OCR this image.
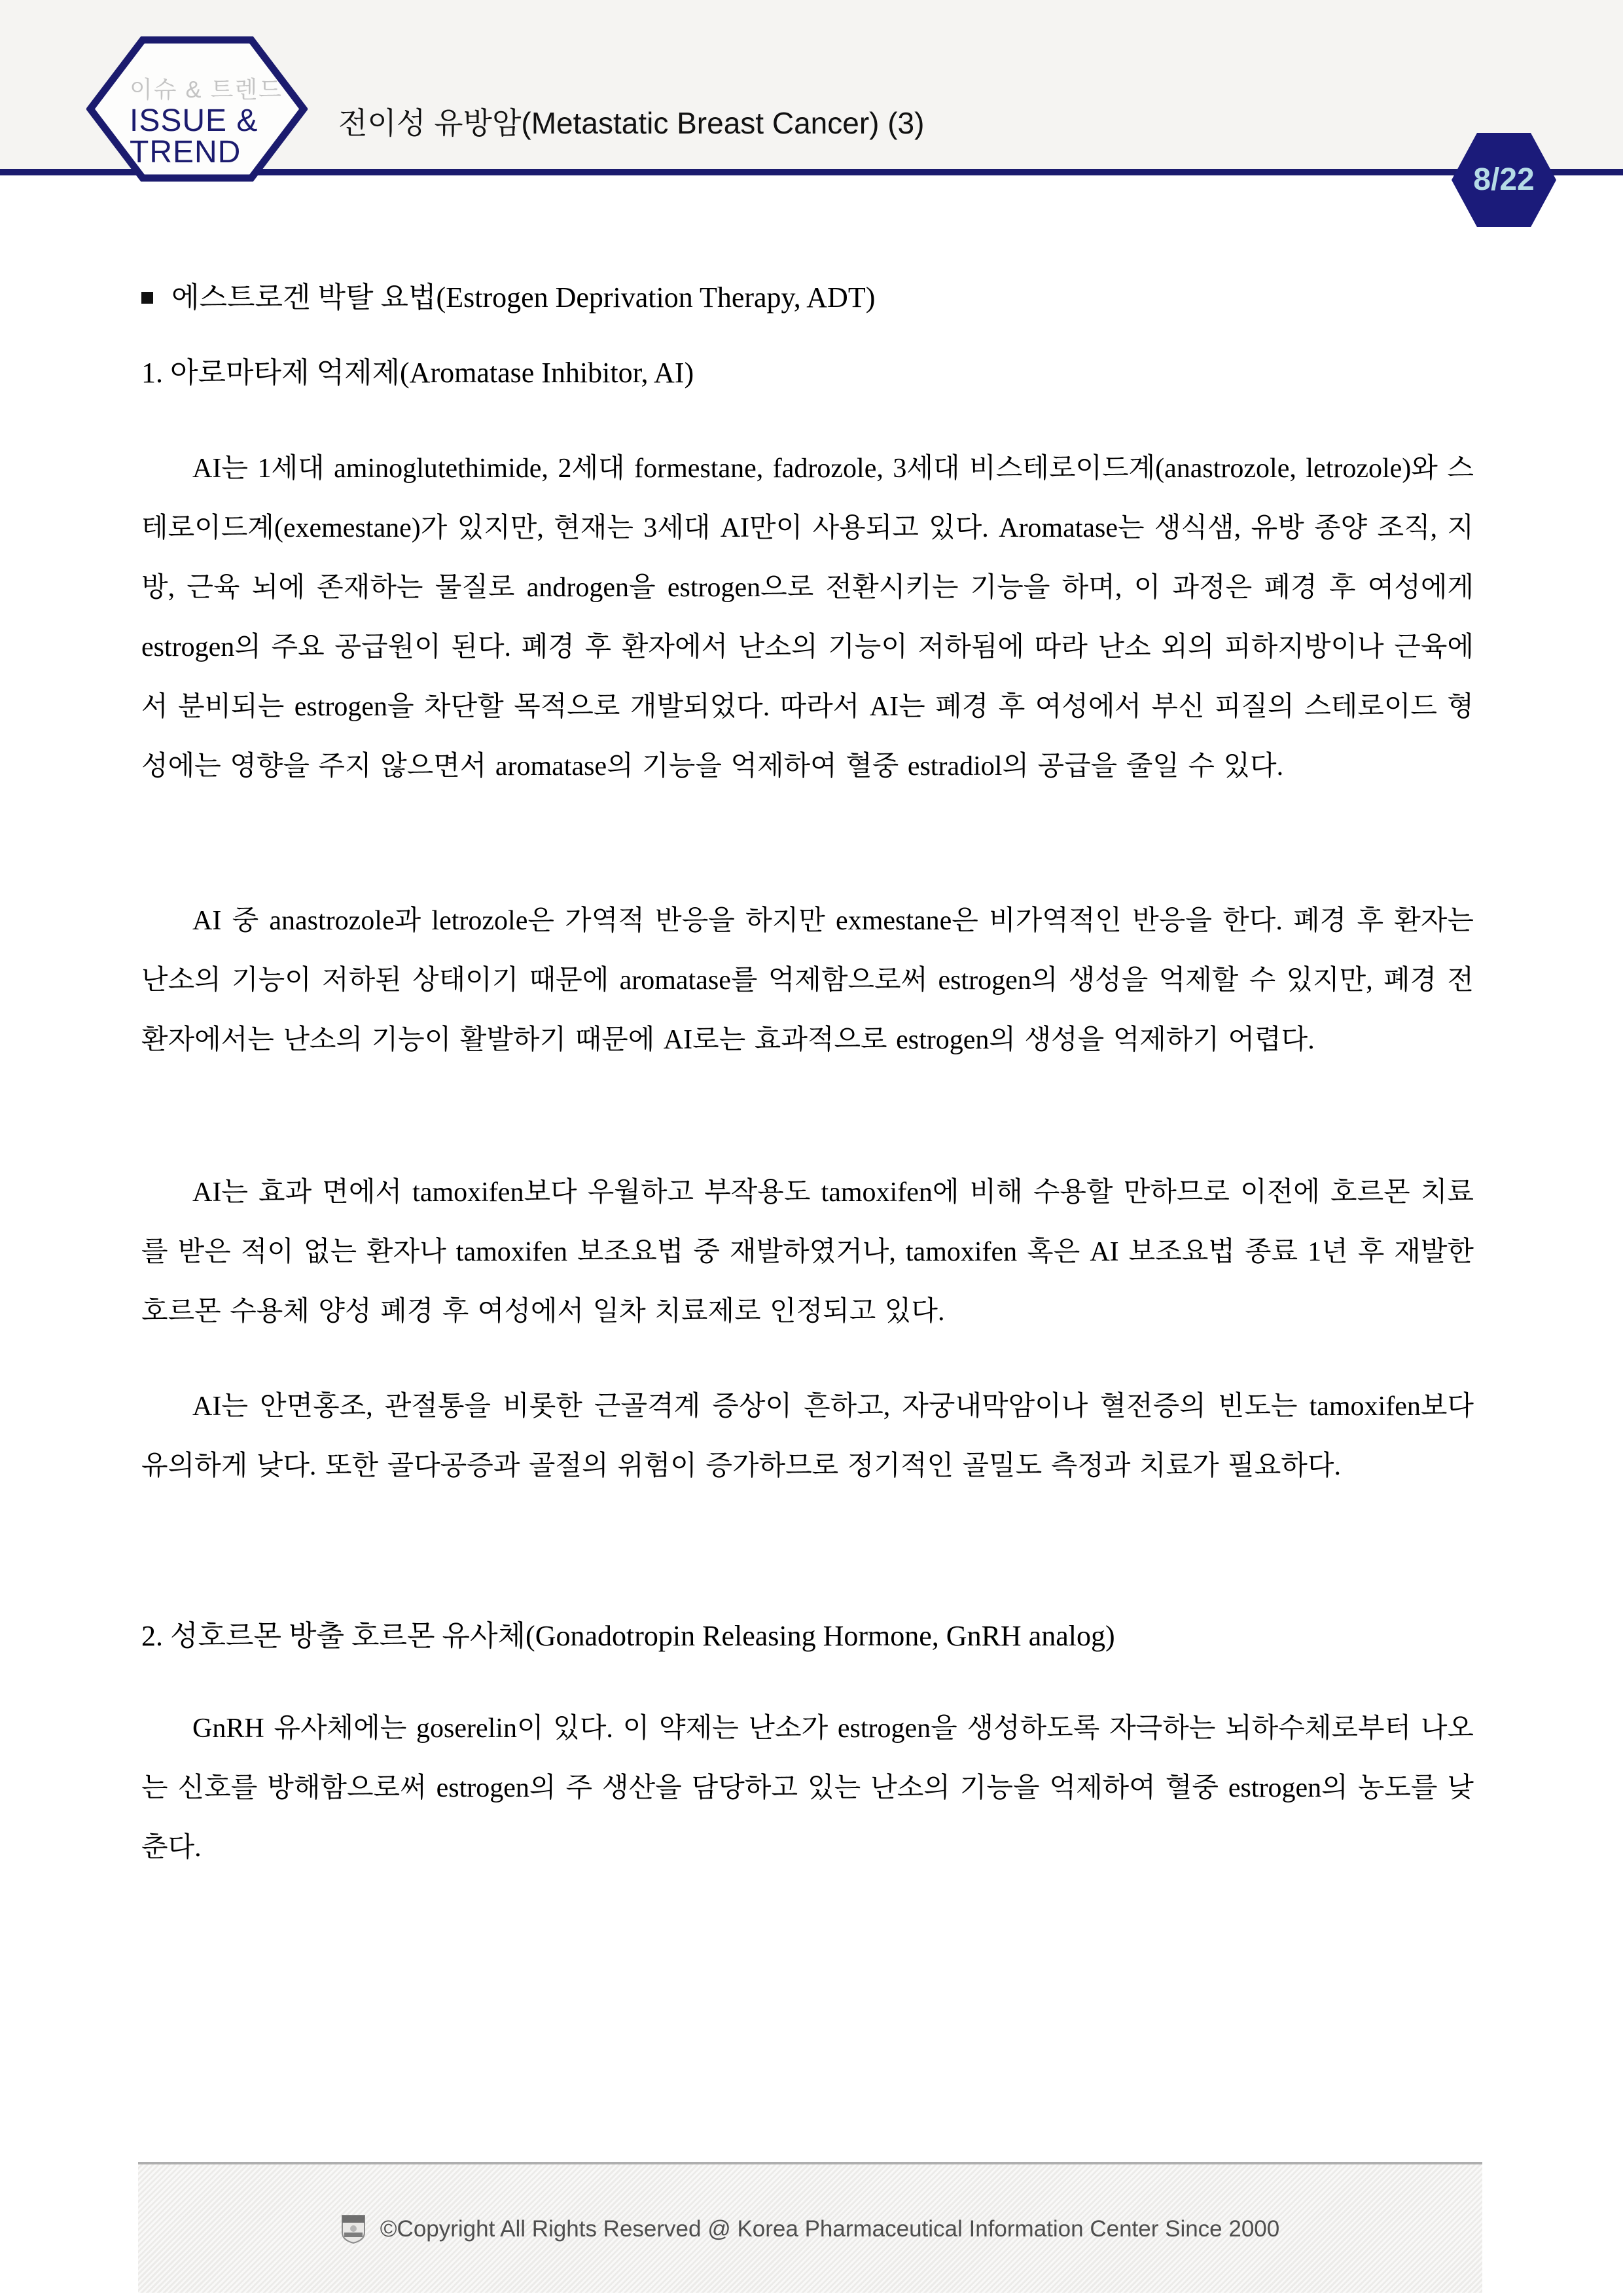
이슈 & 트렌드
ISSUE &
TREND
전이성 유방암(Metastatic Breast Cancer) (3)
8/22
에스트로겐 박탈 요법(Estrogen Deprivation Therapy, ADT)
1. 아로마타제 억제제(Aromatase Inhibitor, AI)

AI는 1세대 aminoglutethimide, 2세대 formestane, fadrozole, 3세대 비스테로이드계(anastrozole, letrozole)와 스테로이드계(exemestane)가 있지만, 현재는 3세대 AI만이 사용되고 있다. Aromatase는 생식샘, 유방 종양 조직, 지방, 근육 뇌에 존재하는 물질로 androgen을 estrogen으로 전환시키는 기능을 하며, 이 과정은 폐경 후 여성에게 estrogen의 주요 공급원이 된다. 폐경 후 환자에서 난소의 기능이 저하됨에 따라 난소 외의 피하지방이나 근육에서 분비되는 estrogen을 차단할 목적으로 개발되었다. 따라서 AI는 폐경 후 여성에서 부신 피질의 스테로이드 형성에는 영향을 주지 않으면서 aromatase의 기능을 억제하여 혈중 estradiol의 공급을 줄일 수 있다.

AI 중 anastrozole과 letrozole은 가역적 반응을 하지만 exmestane은 비가역적인 반응을 한다. 폐경 후 환자는 난소의 기능이 저하된 상태이기 때문에 aromatase를 억제함으로써 estrogen의 생성을 억제할 수 있지만, 폐경 전 환자에서는 난소의 기능이 활발하기 때문에 AI로는 효과적으로 estrogen의 생성을 억제하기 어렵다.

AI는 효과 면에서 tamoxifen보다 우월하고 부작용도 tamoxifen에 비해 수용할 만하므로 이전에 호르몬 치료를 받은 적이 없는 환자나 tamoxifen 보조요법 중 재발하였거나, tamoxifen 혹은 AI 보조요법 종료 1년 후 재발한 호르몬 수용체 양성 폐경 후 여성에서 일차 치료제로 인정되고 있다.

AI는 안면홍조, 관절통을 비롯한 근골격계 증상이 흔하고, 자궁내막암이나 혈전증의 빈도는 tamoxifen보다 유의하게 낮다. 또한 골다공증과 골절의 위험이 증가하므로 정기적인 골밀도 측정과 치료가 필요하다.

2. 성호르몬 방출 호르몬 유사체(Gonadotropin Releasing Hormone, GnRH analog)

GnRH 유사체에는 goserelin이 있다. 이 약제는 난소가 estrogen을 생성하도록 자극하는 뇌하수체로부터 나오는 신호를 방해함으로써 estrogen의 주 생산을 담당하고 있는 난소의 기능을 억제하여 혈중 estrogen의 농도를 낮춘다.

©Copyright All Rights Reserved @ Korea Pharmaceutical Information Center Since 2000
